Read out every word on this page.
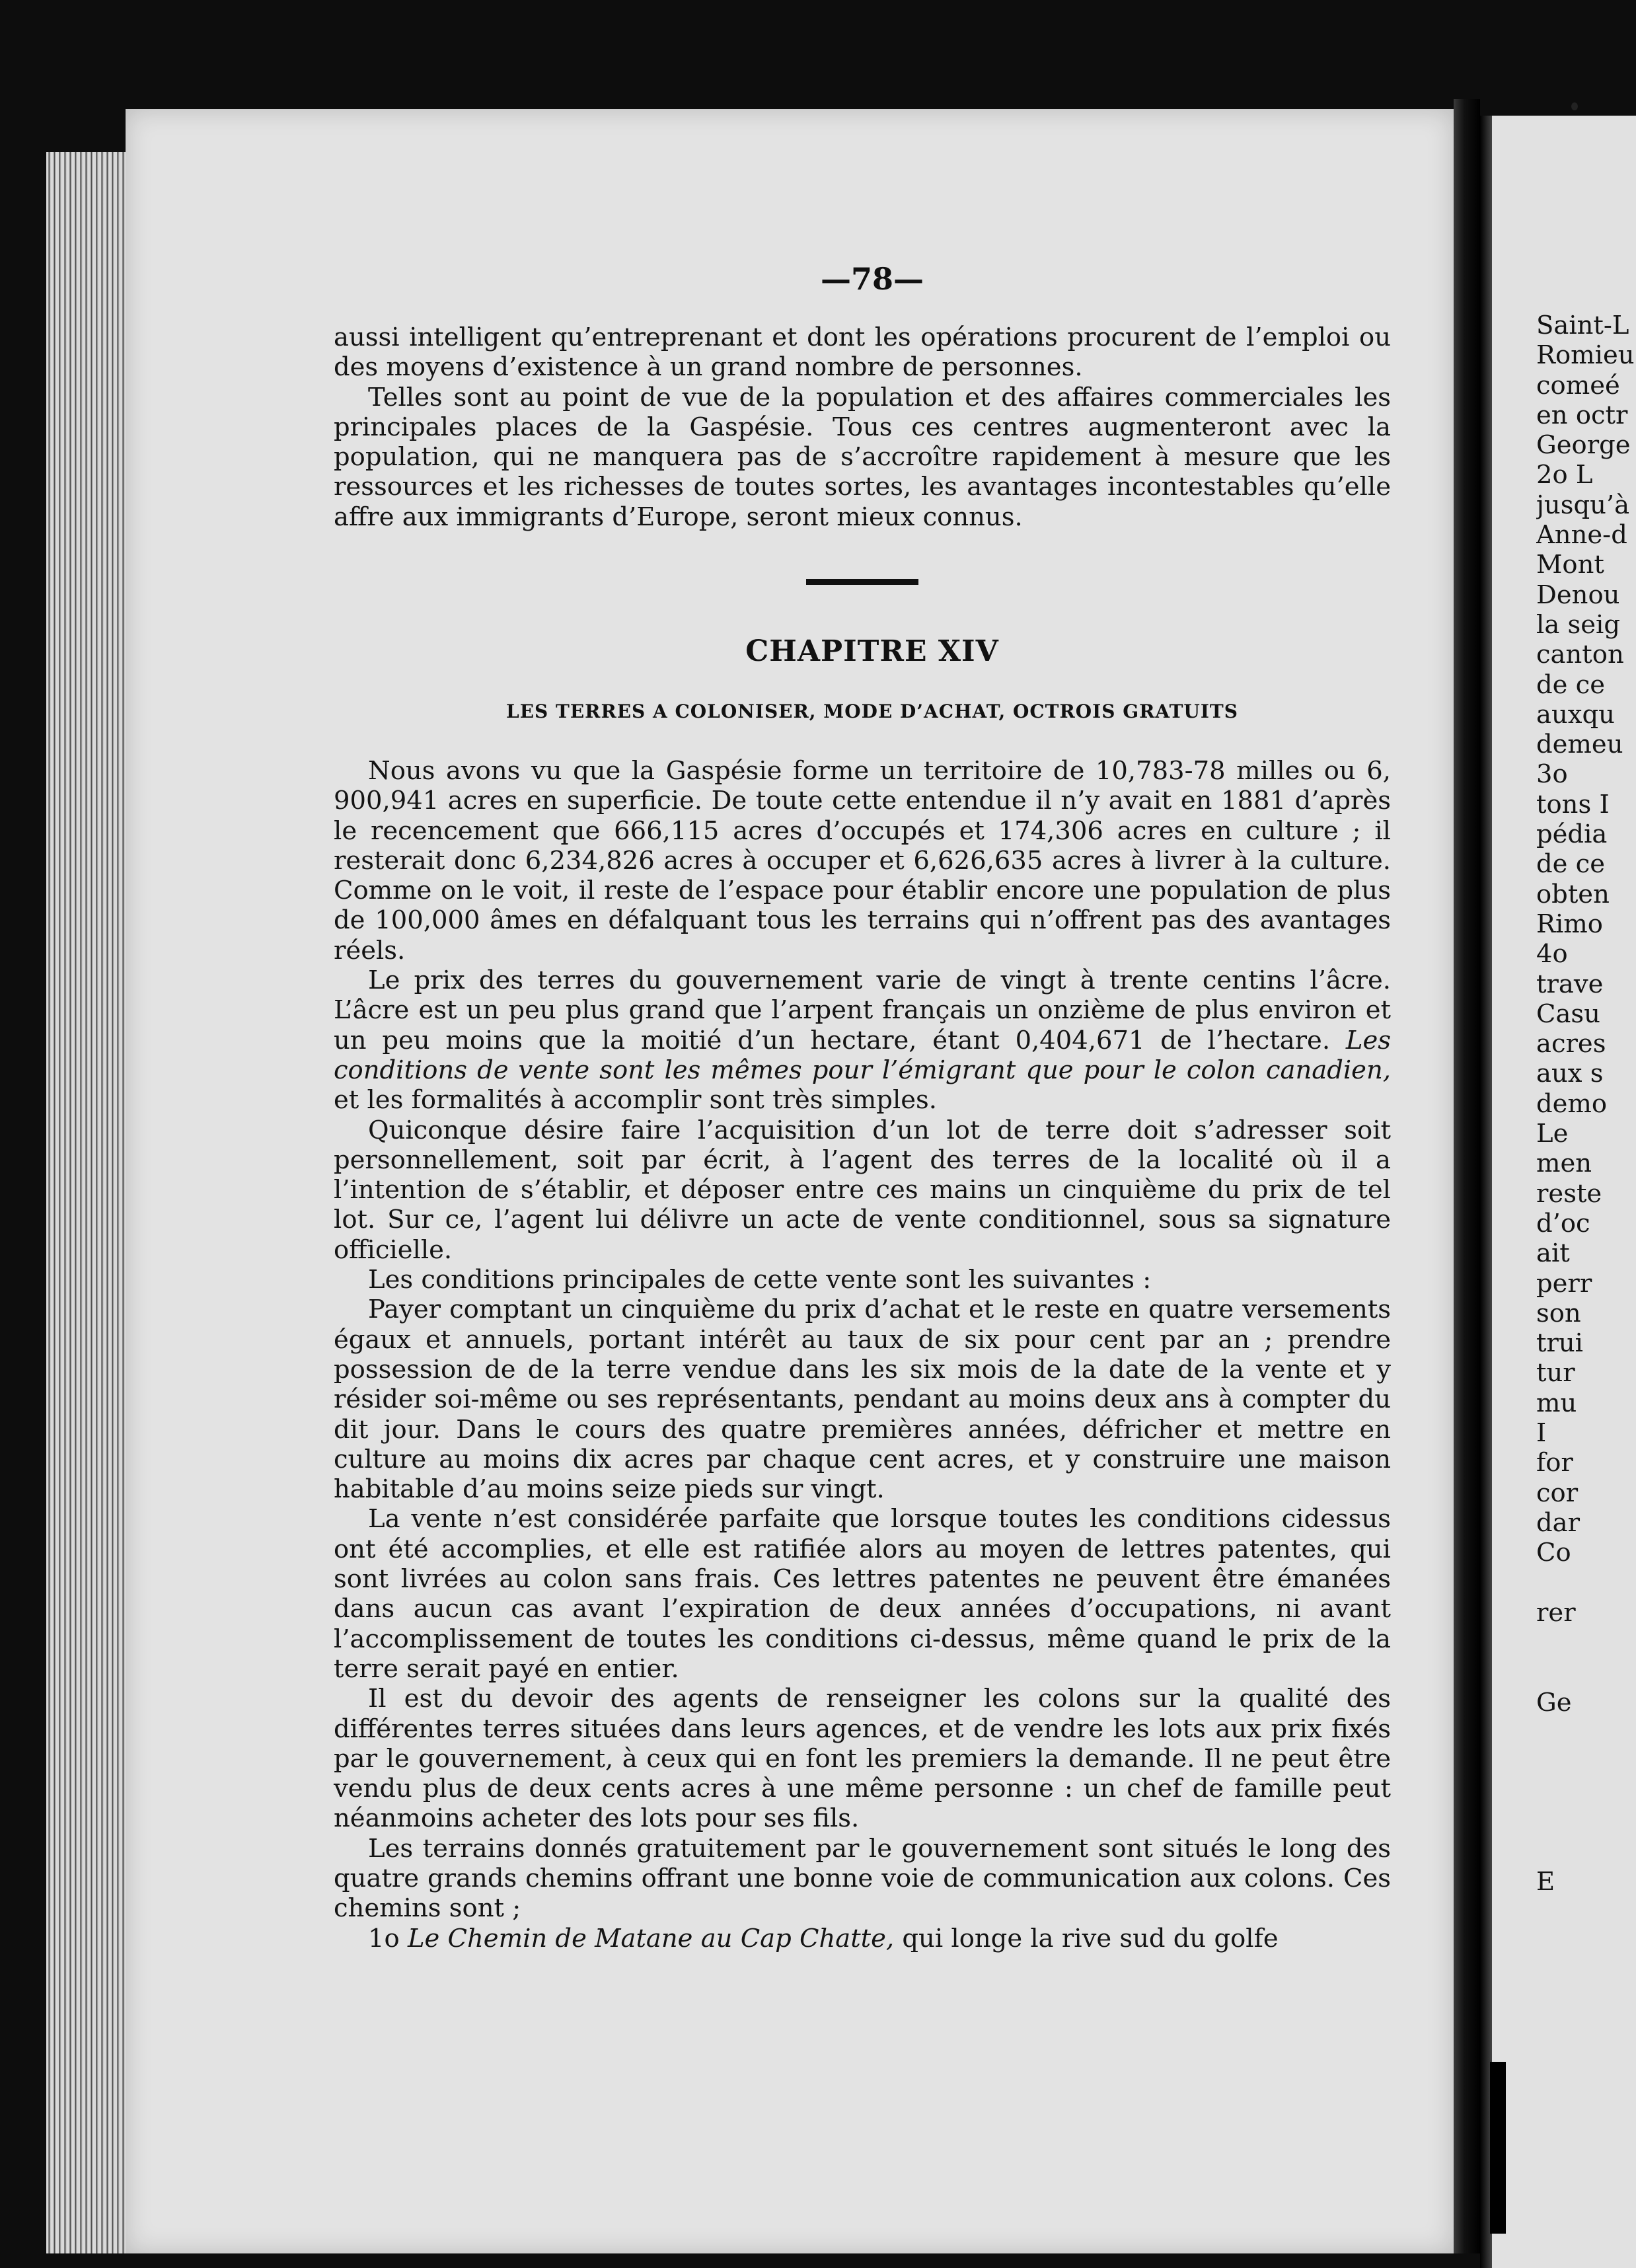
—78—

aussi intelligent qu’entreprenant et dont les opérations procurent de l’emploi ou des moyens d’existence à un grand nombre de personnes.

Telles sont au point de vue de la population et des affaires commerciales les principales places de la Gaspésie. Tous ces centres augmenteront avec la population, qui ne manquera pas de s’accroître rapidement à mesure que les ressources et les richesses de toutes sortes, les avantages incontestables qu’elle affre aux immigrants d’Europe, seront mieux connus.

CHAPITRE XIV
LES TERRES A COLONISER, MODE D’ACHAT, OCTROIS GRATUITS

Nous avons vu que la Gaspésie forme un territoire de 10,783-78 milles ou 6, 900,941 acres en superficie. De toute cette entendue il n’y avait en 1881 d’après le recencement que 666,115 acres d’occupés et 174,306 acres en culture ; il resterait donc 6,234,826 acres à occuper et 6,626,635 acres à livrer à la culture. Comme on le voit, il reste de l’espace pour établir encore une population de plus de 100,000 âmes en défalquant tous les terrains qui n’offrent pas des avantages réels.

Le prix des terres du gouvernement varie de vingt à trente centins l’âcre. L’âcre est un peu plus grand que l’arpent français un onzième de plus environ et un peu moins que la moitié d’un hectare, étant 0,404,671 de l’hectare. Les conditions de vente sont les mêmes pour l’émigrant que pour le colon canadien, et les formalités à accomplir sont très simples.

Quiconque désire faire l’acquisition d’un lot de terre doit s’adresser soit personnellement, soit par écrit, à l’agent des terres de la localité où il a l’intention de s’établir, et déposer entre ces mains un cinquième du prix de tel lot. Sur ce, l’agent lui délivre un acte de vente conditionnel, sous sa signature officielle.

Les conditions principales de cette vente sont les suivantes :

Payer comptant un cinquième du prix d’achat et le reste en quatre versements égaux et annuels, portant intérêt au taux de six pour cent par an ; prendre possession de de la terre vendue dans les six mois de la date de la vente et y résider soi-même ou ses représentants, pendant au moins deux ans à compter du dit jour. Dans le cours des quatre premières années, défricher et mettre en culture au moins dix acres par chaque cent acres, et y construire une maison habitable d’au moins seize pieds sur vingt.

La vente n’est considérée parfaite que lorsque toutes les conditions cidessus ont été accomplies, et elle est ratifiée alors au moyen de lettres patentes, qui sont livrées au colon sans frais. Ces lettres patentes ne peuvent être émanées dans aucun cas avant l’expiration de deux années d’occupations, ni avant l’accomplissement de toutes les conditions ci-dessus, même quand le prix de la terre serait payé en entier.

Il est du devoir des agents de renseigner les colons sur la qualité des différentes terres situées dans leurs agences, et de vendre les lots aux prix fixés par le gouvernement, à ceux qui en font les premiers la demande. Il ne peut être vendu plus de deux cents acres à une même personne : un chef de famille peut néanmoins acheter des lots pour ses fils.

Les terrains donnés gratuitement par le gouvernement sont situés le long des quatre grands chemins offrant une bonne voie de communication aux colons. Ces chemins sont ;

1o Le Chemin de Matane au Cap Chatte, qui longe la rive sud du golfe

Saint-L
Romieu
comeé
en octr
George
2o L
jusqu’à
Anne-d
Mont
Denou
la seig
canton
de ce
auxqu
demeu
3o
tons I
pédia
de ce
obten
Rimo
4o
trave
Casu
acres
aux s
demo
Le
men
reste
d’oc
ait
perr
son
trui
tur
mu
I
for
cor
dar
Co
rer
Ge
E
